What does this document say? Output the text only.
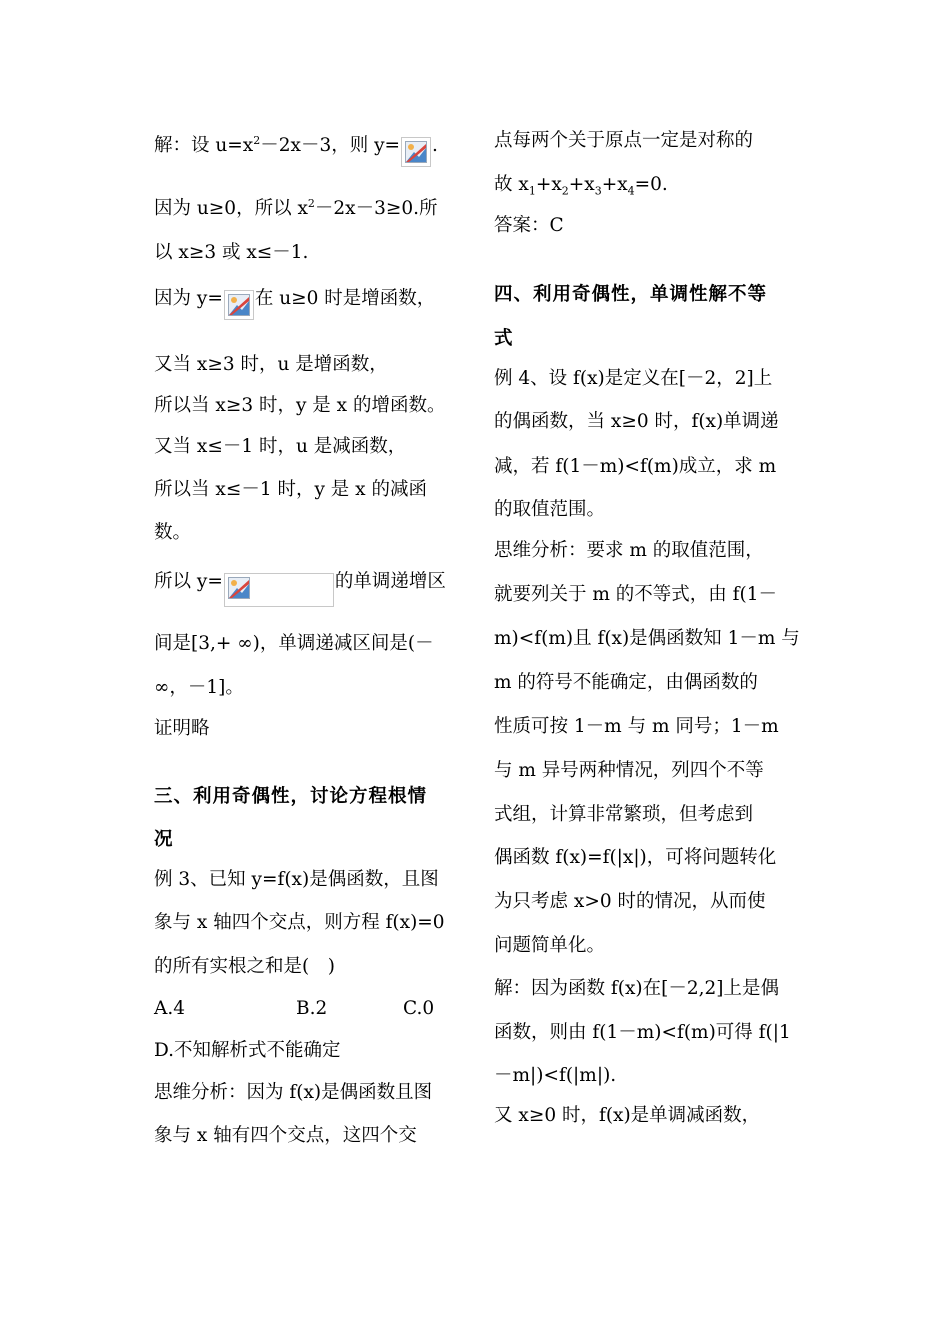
解：设 $u=x^2-2x-3$，则 y= .
因为 u≥0，所以 $x^2-2x-3\ge 0$.所
以 x≥3 或 x≤－1.
因为 y= 在 u≥0 时是增函数，
又当 x≥3 时，u 是增函数，
所以当 x≥3 时，y 是 x 的增函数。
又当 x≤－1 时，u 是减函数，
所以当 x≤－1 时，y 是 x 的减函
数。
所以 y=	的单调递增区
间是[3,+ ∞)，单调递减区间是(－
∞，－1]。
证明略
三、利用奇偶性，讨论方程根情
况
例 3、已知 y=f(x)是偶函数，且图
象与 x 轴四个交点，则方程 f(x)=0
的所有实根之和是(　)
A.4	B.2	C.0
D.不知解析式不能确定
思维分析：因为 f(x)是偶函数且图
象与 x 轴有四个交点，这四个交
点每两个关于原点一定是对称的
故 $x_1+x_2+x_3+x_4=0$.
答案：C
四、利用奇偶性，单调性解不等
式
例 4、设 f(x)是定义在[－2，2]上
的偶函数，当 x≥0 时，f(x)单调递
减，若 f(1－m)<f(m)成立，求 m
的取值范围。
思维分析：要求 m 的取值范围，
就要列关于 m 的不等式，由 f(1－
m)<f(m)且 f(x)是偶函数知 1－m 与
m 的符号不能确定，由偶函数的
性质可按 1－m 与 m 同号；1－m
与 m 异号两种情况，列四个不等
式组，计算非常繁琐，但考虑到
偶函数 f(x)=f(|x|)，可将问题转化
为只考虑 x>0 时的情况，从而使
问题简单化。
解：因为函数 f(x)在[－2,2]上是偶
函数，则由 f(1－m)<f(m)可得 f(|1
－m|)<f(|m|).
又 x≥0 时，f(x)是单调减函数，
